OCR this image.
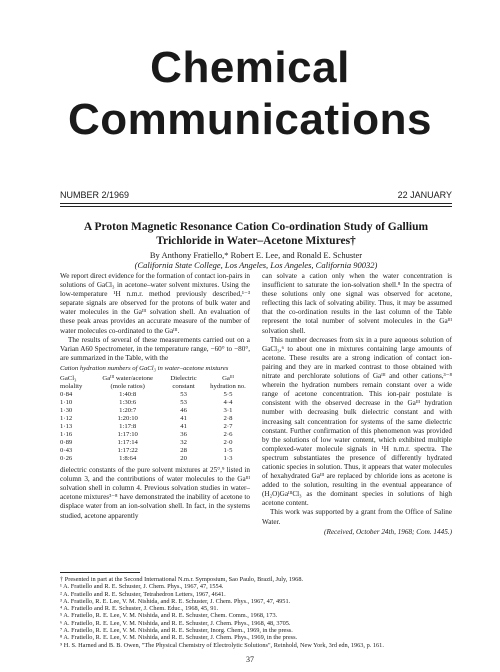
Chemical
Communications
NUMBER 2/1969	22 JANUARY
A Proton Magnetic Resonance Cation Co-ordination Study of Gallium
Trichloride in Water–Acetone Mixtures†
By Anthony Fratiello,* Robert E. Lee, and Ronald E. Schuster
(California State College, Los Angeles, Los Angeles, California 90032)

We report direct evidence for the formation of contact ion-pairs in solutions of GaCl₃ in acetone–water solvent mixtures. Using the low-temperature ¹H n.m.r. method previously described,¹⁻³ separate signals are observed for the protons of bulk water and water molecules in the Gaᴵᴵᴵ solvation shell. An evaluation of these peak areas provides an accurate measure of the number of water molecules co-ordinated to the Gaᴵᴵᴵ.

The results of several of these measurements carried out on a Varian A60 Spectrometer, in the temperature range, −60° to −80°, are summarized in the Table, with the

Cation hydration numbers of GaCl₃ in water–acetone mixtures

GaCl₃ molality	Gaᴵᴵᴵ water/acetone (mole ratios)	Dielectric constant	Gaᴵᴵᴵ hydration no.
0·84	1:40:8	53	5·5
1·10	1:30:6	53	4·4
1·30	1:20:7	46	3·1
1·12	1:20:10	41	2·8
1·13	1:17:8	41	2·7
1·16	1:17:10	36	2·6
0·89	1:17:14	32	2·0
0·43	1:17:22	28	1·5
0·26	1:8:64	20	1·3

dielectric constants of the pure solvent mixtures at 25°,⁹ listed in column 3, and the contributions of water molecules to the Gaᴵᴵᴵ solvation shell in column 4. Previous solvation studies in water–acetone mixtures³⁻⁸ have demonstrated the inability of acetone to displace water from an ion-solvation shell. In fact, in the systems studied, acetone apparently

can solvate a cation only when the water concentration is insufficient to saturate the ion-solvation shell.⁸ In the spectra of these solutions only one signal was observed for acetone, reflecting this lack of solvating ability. Thus, it may be assumed that the co-ordination results in the last column of the Table represent the total number of solvent molecules in the Gaᴵᴵᴵ solvation shell.

This number decreases from six in a pure aqueous solution of GaCl₃,⁶ to about one in mixtures containing large amounts of acetone. These results are a strong indication of contact ion-pairing and they are in marked contrast to those obtained with nitrate and perchlorate solutions of Gaᴵᴵᴵ and other cations,³⁻⁸ wherein the hydration numbers remain constant over a wide range of acetone concentration. This ion-pair postulate is consistent with the observed decrease in the Gaᴵᴵᴵ hydration number with decreasing bulk dielectric constant and with increasing salt concentration for systems of the same dielectric constant. Further confirmation of this phenomenon was provided by the solutions of low water content, which exhibited multiple complexed-water molecule signals in ¹H n.m.r. spectra. The spectrum substantiates the presence of differently hydrated cationic species in solution. Thus, it appears that water molecules of hexahydrated Gaᴵᴵᴵ are replaced by chloride ions as acetone is added to the solution, resulting in the eventual appearance of (H₂O)GaᴵᴵᴵCl₃ as the dominant species in solutions of high acetone content.

This work was supported by a grant from the Office of Saline Water.

(Received, October 24th, 1968; Com. 1445.)

† Presented in part at the Second International N.m.r. Symposium, Sao Paulo, Brazil, July, 1968.

¹ A. Fratiello and R. E. Schuster, J. Chem. Phys., 1967, 47, 1554.

² A. Fratiello and R. E. Schuster, Tetrahedron Letters, 1967, 4641.

³ A. Fratiello, R. E. Lee, V. M. Nishida, and R. E. Schuster, J. Chem. Phys., 1967, 47, 4951.

⁴ A. Fratiello and R. E. Schuster, J. Chem. Educ., 1968, 45, 91.

⁵ A. Fratiello, R. E. Lee, V. M. Nishida, and R. E. Schuster, Chem. Comm., 1968, 173.

⁶ A. Fratiello, R. E. Lee, V. M. Nishida, and R. E. Schuster, J. Chem. Phys., 1968, 48, 3705.

⁷ A. Fratiello, R. E. Lee, V. M. Nishida, and R. E. Schuster, Inorg. Chem., 1969, in the press.

⁸ A. Fratiello, R. E. Lee, V. M. Nishida, and R. E. Schuster, J. Chem. Phys., 1969, in the press.

⁹ H. S. Harned and B. B. Owen, "The Physical Chemistry of Electrolytic Solutions", Reinhold, New York, 3rd edn, 1963, p. 161.

37
